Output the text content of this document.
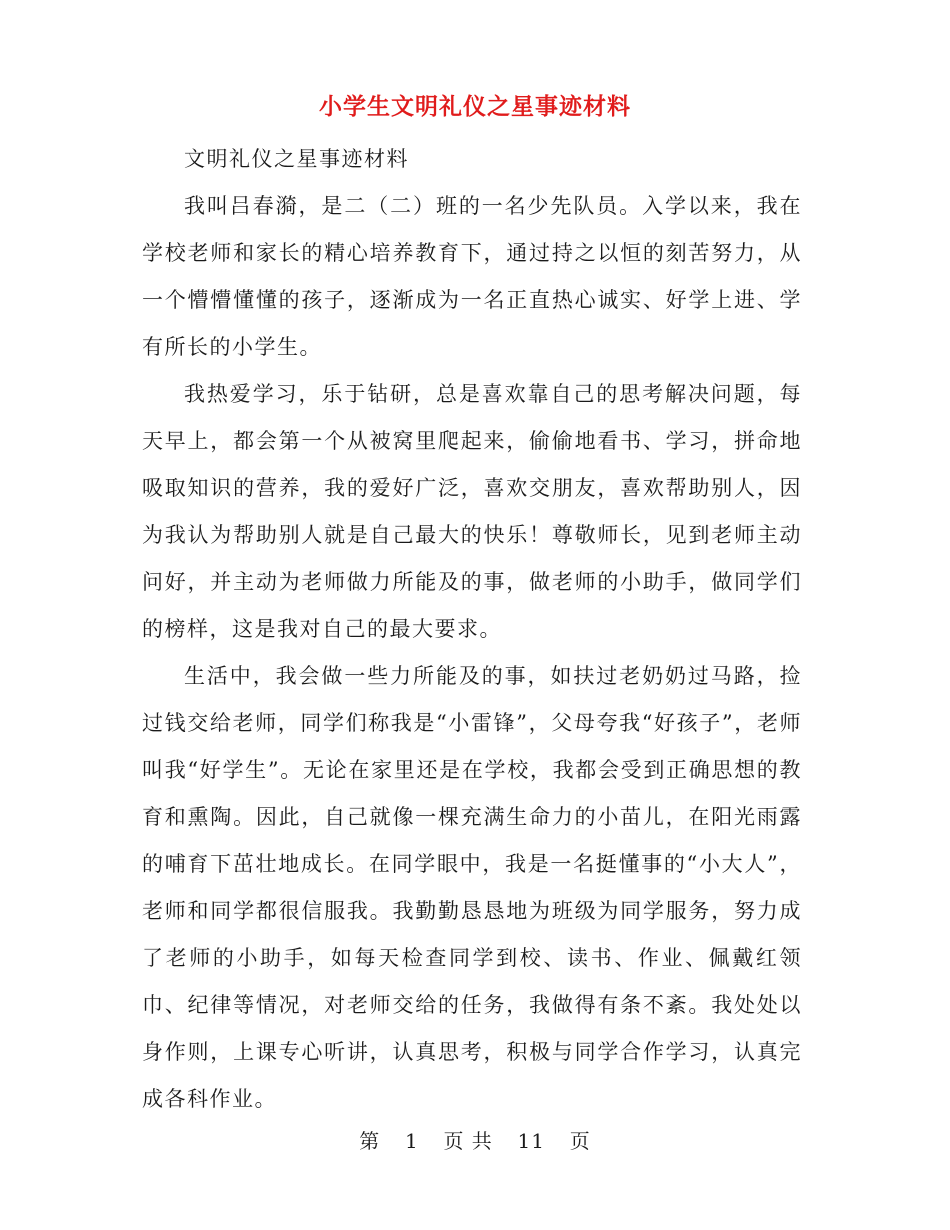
小学生文明礼仪之星事迹材料

文明礼仪之星事迹材料

我叫吕春漪，是二（二）班的一名少先队员。入学以来，我在学校老师和家长的精心培养教育下，通过持之以恒的刻苦努力，从一个懵懵懂懂的孩子，逐渐成为一名正直热心诚实、好学上进、学有所长的小学生。

我热爱学习，乐于钻研，总是喜欢靠自己的思考解决问题，每天早上，都会第一个从被窝里爬起来，偷偷地看书、学习，拼命地吸取知识的营养，我的爱好广泛，喜欢交朋友，喜欢帮助别人，因为我认为帮助别人就是自己最大的快乐！尊敬师长，见到老师主动问好，并主动为老师做力所能及的事，做老师的小助手，做同学们的榜样，这是我对自己的最大要求。

生活中，我会做一些力所能及的事，如扶过老奶奶过马路，捡过钱交给老师，同学们称我是“小雷锋”，父母夸我“好孩子”，老师叫我“好学生”。无论在家里还是在学校，我都会受到正确思想的教育和熏陶。因此，自己就像一棵充满生命力的小苗儿，在阳光雨露的哺育下茁壮地成长。在同学眼中，我是一名挺懂事的“小大人”，老师和同学都很信服我。我勤勤恳恳地为班级为同学服务，努力成了老师的小助手，如每天检查同学到校、读书、作业、佩戴红领巾、纪律等情况，对老师交给的任务，我做得有条不紊。我处处以身作则，上课专心听讲，认真思考，积极与同学合作学习，认真完成各科作业。

第 1 页 共 11 页
